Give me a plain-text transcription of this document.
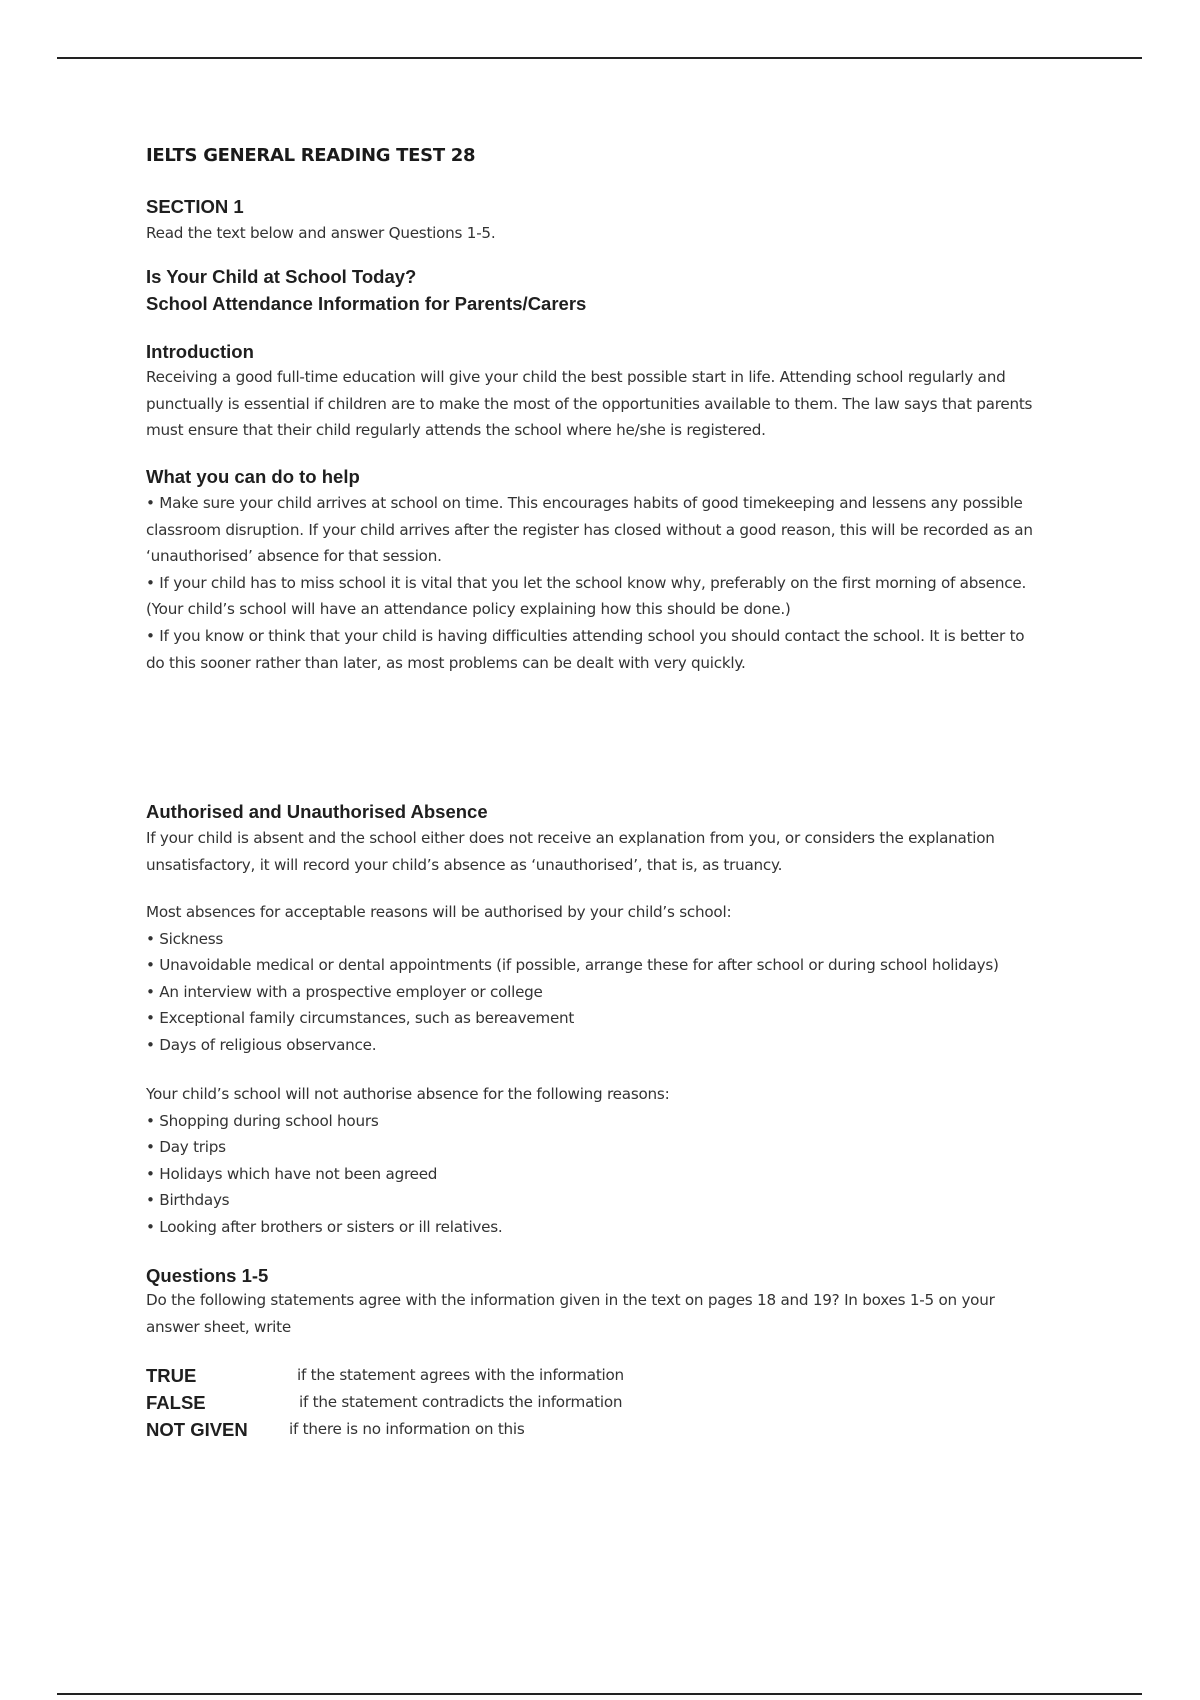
IELTS GENERAL READING TEST 28
SECTION 1
Read the text below and answer Questions 1-5.
Is Your Child at School Today?
School Attendance Information for Parents/Carers
Introduction
Receiving a good full-time education will give your child the best possible start in life. Attending school regularly and
punctually is essential if children are to make the most of the opportunities available to them. The law says that parents
must ensure that their child regularly attends the school where he/she is registered.
What you can do to help
• Make sure your child arrives at school on time. This encourages habits of good timekeeping and lessens any possible
classroom disruption. If your child arrives after the register has closed without a good reason, this will be recorded as an
‘unauthorised’ absence for that session.
• If your child has to miss school it is vital that you let the school know why, preferably on the first morning of absence.
(Your child’s school will have an attendance policy explaining how this should be done.)
• If you know or think that your child is having difficulties attending school you should contact the school. It is better to
do this sooner rather than later, as most problems can be dealt with very quickly.
Authorised and Unauthorised Absence
If your child is absent and the school either does not receive an explanation from you, or considers the explanation
unsatisfactory, it will record your child’s absence as ‘unauthorised’, that is, as truancy.
Most absences for acceptable reasons will be authorised by your child’s school:
• Sickness
• Unavoidable medical or dental appointments (if possible, arrange these for after school or during school holidays)
• An interview with a prospective employer or college
• Exceptional family circumstances, such as bereavement
• Days of religious observance.
Your child’s school will not authorise absence for the following reasons:
• Shopping during school hours
• Day trips
• Holidays which have not been agreed
• Birthdays
• Looking after brothers or sisters or ill relatives.
Questions 1-5
Do the following statements agree with the information given in the text on pages 18 and 19? In boxes 1-5 on your
answer sheet, write
TRUE	if the statement agrees with the information
FALSE	if the statement contradicts the information
NOT GIVEN	if there is no information on this
